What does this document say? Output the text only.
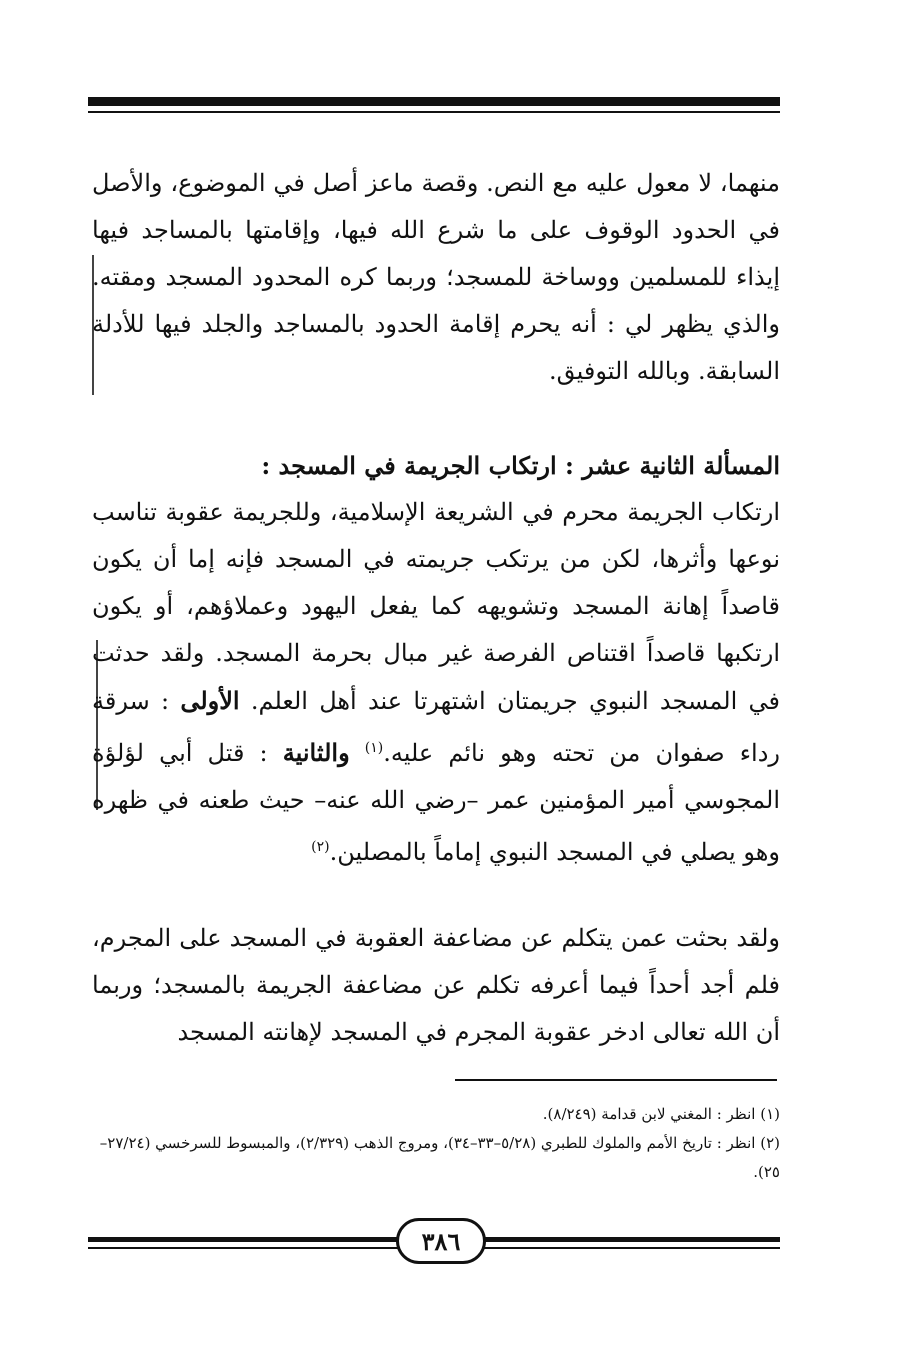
منهما، لا معول عليه مع النص. وقصة ماعز أصل في الموضوع، والأصل في الحدود الوقوف على ما شرع الله فيها، وإقامتها بالمساجد فيها إيذاء للمسلمين ووساخة للمسجد؛ وربما كره المحدود المسجد ومقته. والذي يظهر لي : أنه يحرم إقامة الحدود بالمساجد والجلد فيها للأدلة السابقة. وبالله التوفيق.

المسألة الثانية عشر : ارتكاب الجريمة في المسجد :

ارتكاب الجريمة محرم في الشريعة الإسلامية، وللجريمة عقوبة تناسب نوعها وأثرها، لكن من يرتكب جريمته في المسجد فإنه إما أن يكون قاصداً إهانة المسجد وتشويهه كما يفعل اليهود وعملاؤهم، أو يكون ارتكبها قاصداً اقتناص الفرصة غير مبال بحرمة المسجد. ولقد حدثت في المسجد النبوي جريمتان اشتهرتا عند أهل العلم. الأولى : سرقة رداء صفوان من تحته وهو نائم عليه.$^{(١)}$ والثانية : قتل أبي لؤلؤة المجوسي أمير المؤمنين عمر –رضي الله عنه– حيث طعنه في ظهره وهو يصلي في المسجد النبوي إماماً بالمصلين.$^{(٢)}$

ولقد بحثت عمن يتكلم عن مضاعفة العقوبة في المسجد على المجرم، فلم أجد أحداً فيما أعرفه تكلم عن مضاعفة الجريمة بالمسجد؛ وربما أن الله تعالى ادخر عقوبة المجرم في المسجد لإهانته المسجد

(١) انظر : المغني لابن قدامة (٨/٢٤٩).

(٢) انظر : تاريخ الأمم والملوك للطبري (٥/٢٨–٣٣–٣٤)، ومروج الذهب (٢/٣٢٩)، والمبسوط للسرخسي (٢٧/٢٤–٢٥).

٣٨٦
